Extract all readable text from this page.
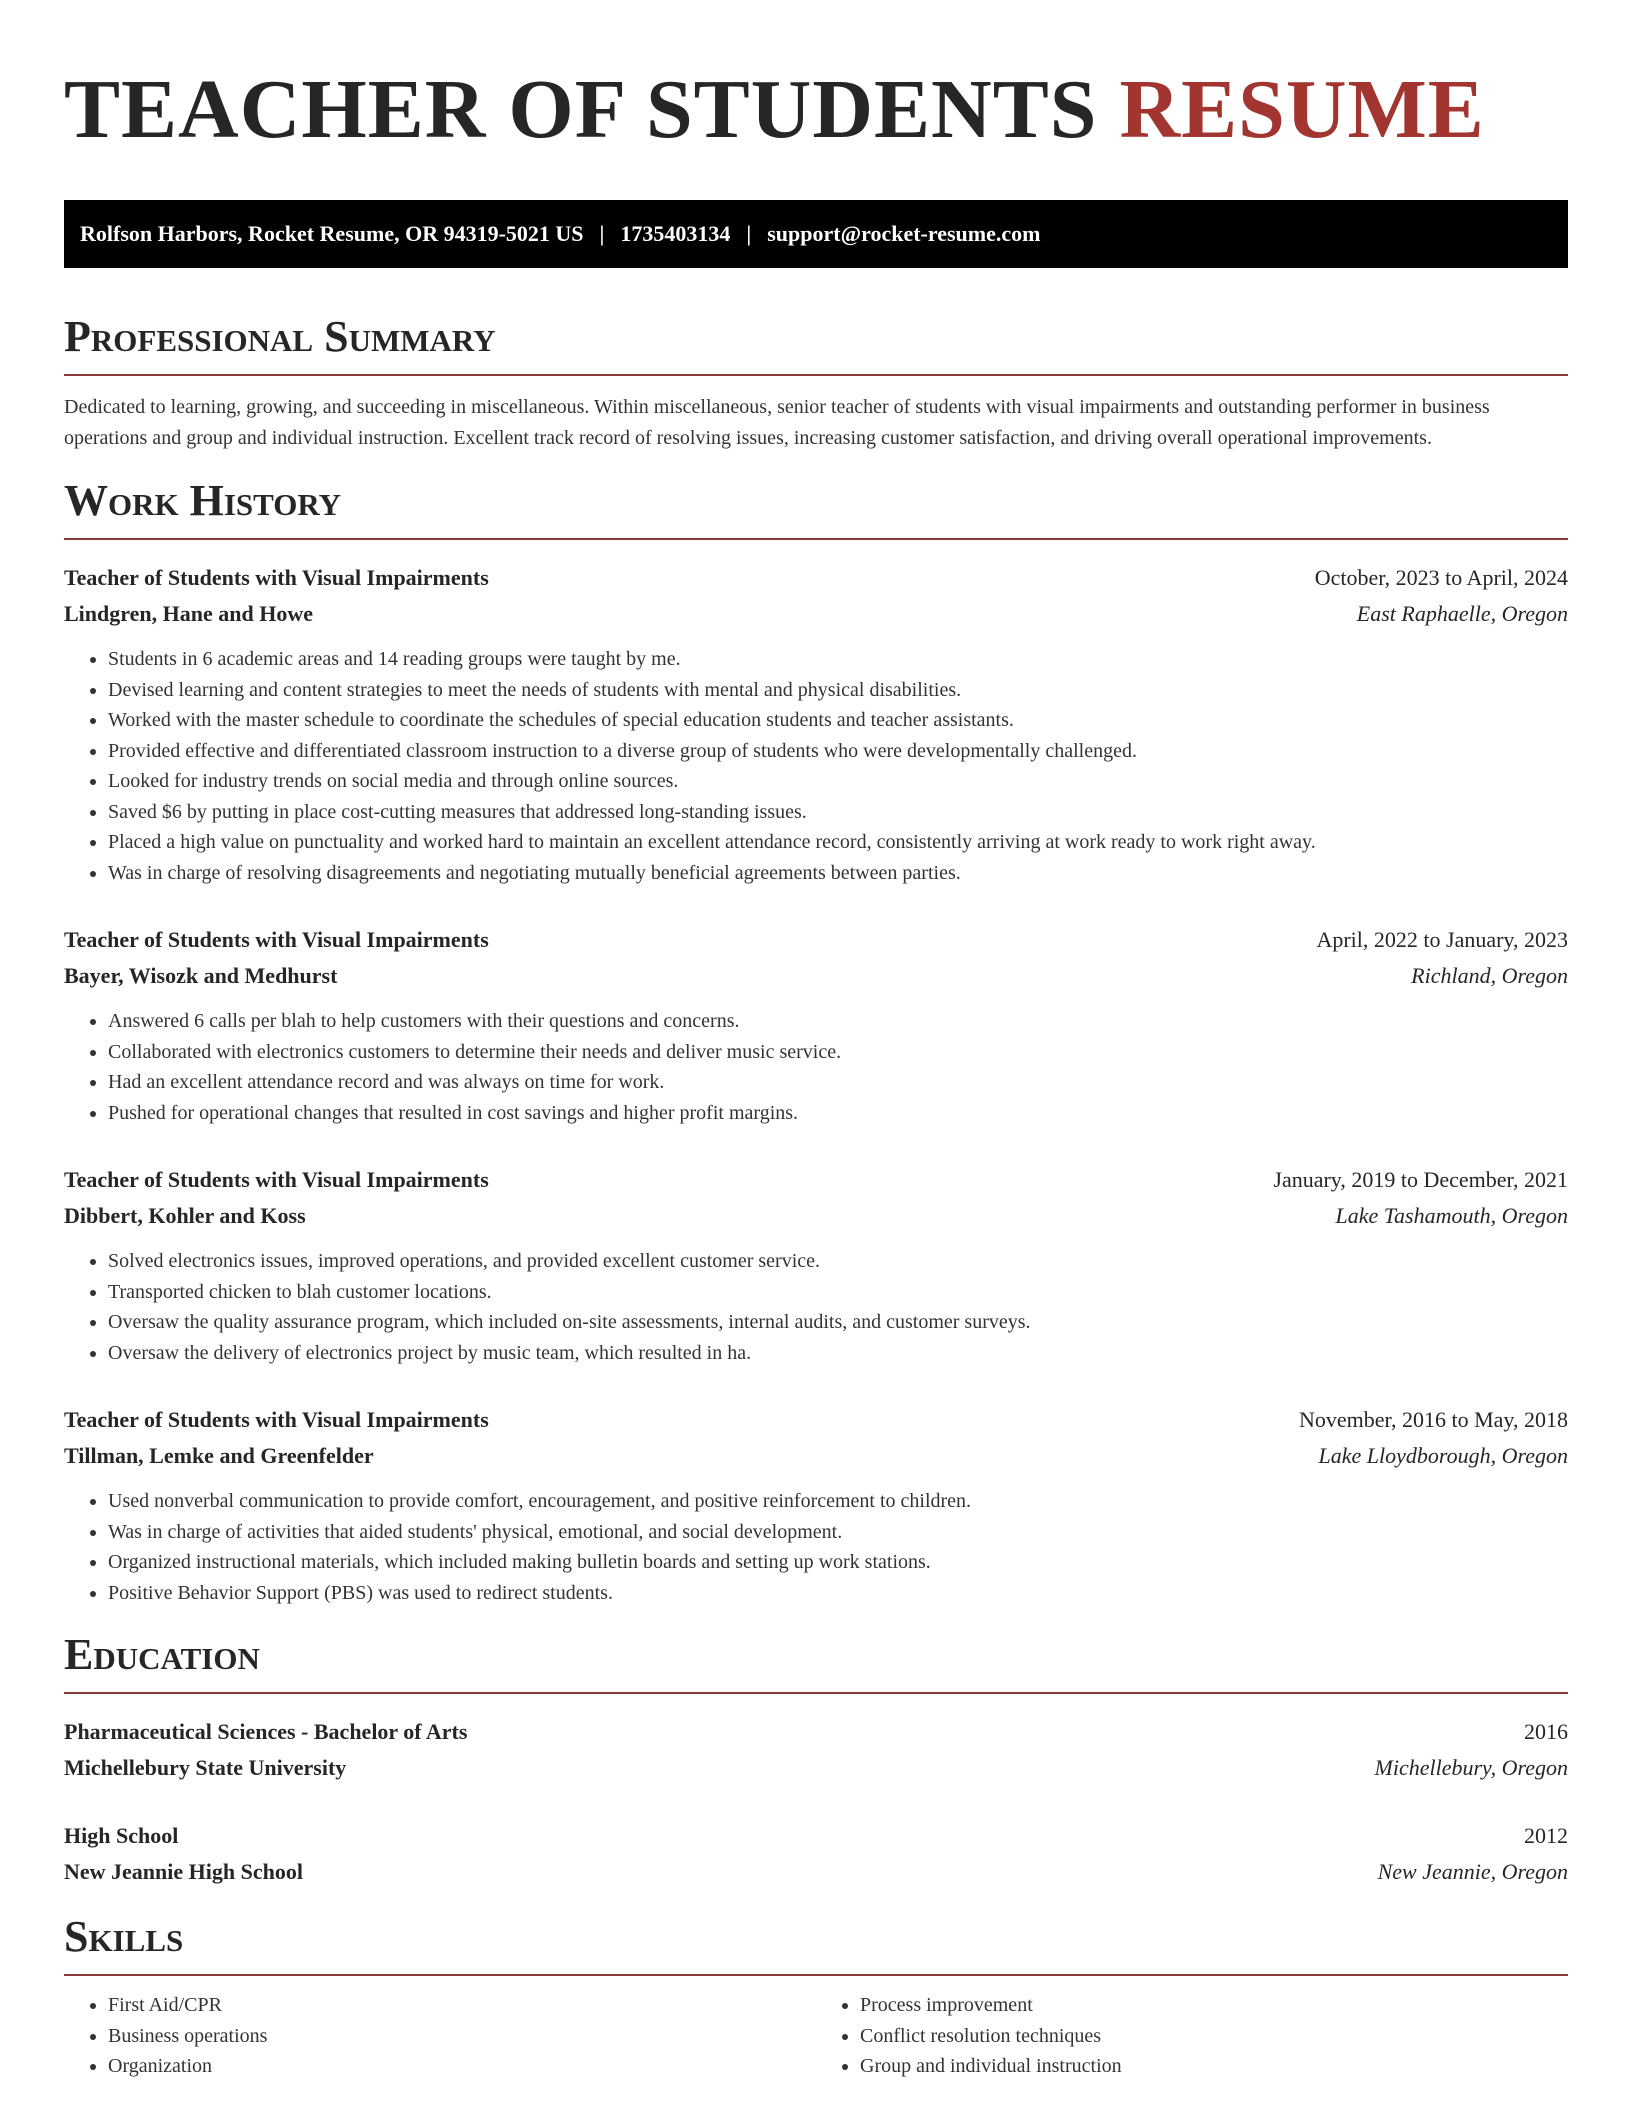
TEACHER OF STUDENTS RESUME
Rolfson Harbors, Rocket Resume, OR 94319-5021 US | 1735403134 | support@rocket-resume.com
Professional Summary

Dedicated to learning, growing, and succeeding in miscellaneous. Within miscellaneous, senior teacher of students with visual impairments and outstanding performer in business operations and group and individual instruction. Excellent track record of resolving issues, increasing customer satisfaction, and driving overall operational improvements.

Work History
Teacher of Students with Visual Impairments	October, 2023 to April, 2024
Lindgren, Hane and Howe	East Raphaelle, Oregon
• Students in 6 academic areas and 14 reading groups were taught by me.
• Devised learning and content strategies to meet the needs of students with mental and physical disabilities.
• Worked with the master schedule to coordinate the schedules of special education students and teacher assistants.
• Provided effective and differentiated classroom instruction to a diverse group of students who were developmentally challenged.
• Looked for industry trends on social media and through online sources.
• Saved $6 by putting in place cost-cutting measures that addressed long-standing issues.
• Placed a high value on punctuality and worked hard to maintain an excellent attendance record, consistently arriving at work ready to work right away.
• Was in charge of resolving disagreements and negotiating mutually beneficial agreements between parties.
Teacher of Students with Visual Impairments	April, 2022 to January, 2023
Bayer, Wisozk and Medhurst	Richland, Oregon
• Answered 6 calls per blah to help customers with their questions and concerns.
• Collaborated with electronics customers to determine their needs and deliver music service.
• Had an excellent attendance record and was always on time for work.
• Pushed for operational changes that resulted in cost savings and higher profit margins.
Teacher of Students with Visual Impairments	January, 2019 to December, 2021
Dibbert, Kohler and Koss	Lake Tashamouth, Oregon
• Solved electronics issues, improved operations, and provided excellent customer service.
• Transported chicken to blah customer locations.
• Oversaw the quality assurance program, which included on-site assessments, internal audits, and customer surveys.
• Oversaw the delivery of electronics project by music team, which resulted in ha.
Teacher of Students with Visual Impairments	November, 2016 to May, 2018
Tillman, Lemke and Greenfelder	Lake Lloydborough, Oregon
• Used nonverbal communication to provide comfort, encouragement, and positive reinforcement to children.
• Was in charge of activities that aided students' physical, emotional, and social development.
• Organized instructional materials, which included making bulletin boards and setting up work stations.
• Positive Behavior Support (PBS) was used to redirect students.
Education
Pharmaceutical Sciences - Bachelor of Arts	2016
Michellebury State University	Michellebury, Oregon
High School	2012
New Jeannie High School	New Jeannie, Oregon
Skills
• First Aid/CPR
• Business operations
• Organization
• Process improvement
• Conflict resolution techniques
• Group and individual instruction
